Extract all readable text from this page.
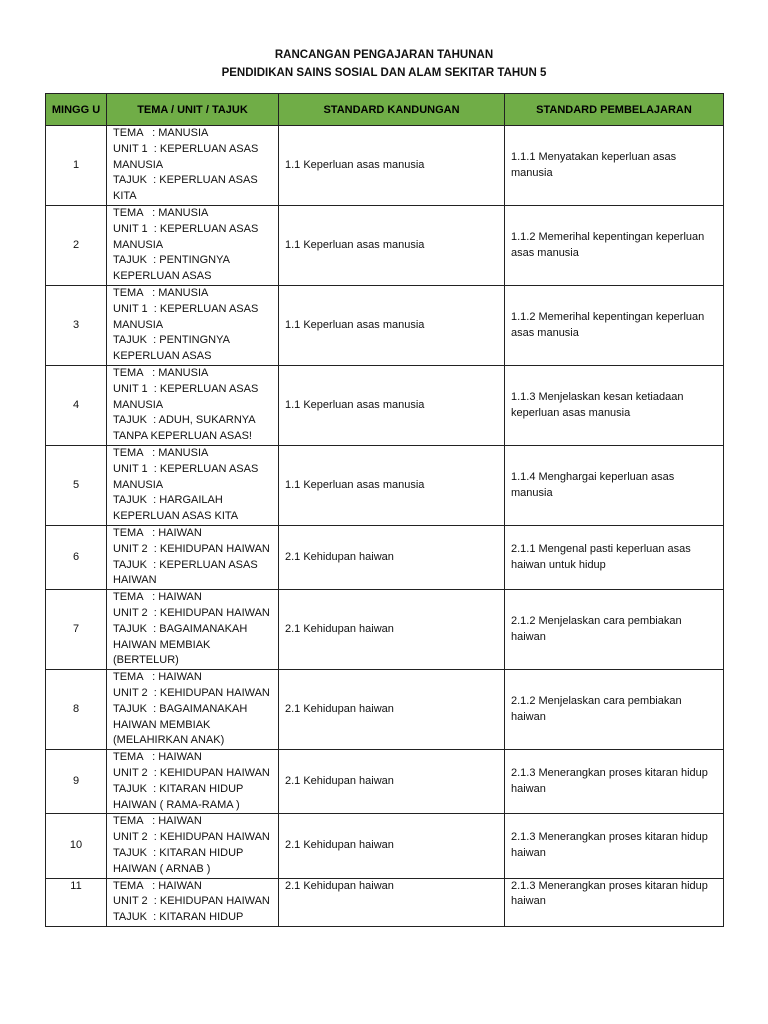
RANCANGAN PENGAJARAN TAHUNAN
PENDIDIKAN SAINS SOSIAL DAN ALAM SEKITAR TAHUN 5
MINGG U	TEMA / UNIT / TAJUK	STANDARD KANDUNGAN	STANDARD PEMBELAJARAN
1	TEMA   : MANUSIA
UNIT 1  : KEPERLUAN ASAS MANUSIA
TAJUK  : KEPERLUAN ASAS KITA	1.1 Keperluan asas manusia	1.1.1 Menyatakan keperluan asas manusia
2	TEMA   : MANUSIA
UNIT 1  : KEPERLUAN ASAS MANUSIA
TAJUK  : PENTINGNYA KEPERLUAN ASAS	1.1 Keperluan asas manusia	1.1.2 Memerihal kepentingan keperluan asas manusia
3	TEMA   : MANUSIA
UNIT 1  : KEPERLUAN ASAS MANUSIA
TAJUK  : PENTINGNYA KEPERLUAN ASAS	1.1 Keperluan asas manusia	1.1.2 Memerihal kepentingan keperluan asas manusia
4	TEMA   : MANUSIA
UNIT 1  : KEPERLUAN ASAS MANUSIA
TAJUK  : ADUH, SUKARNYA TANPA KEPERLUAN ASAS!	1.1 Keperluan asas manusia	1.1.3 Menjelaskan kesan ketiadaan keperluan asas manusia
5	TEMA   : MANUSIA
UNIT 1  : KEPERLUAN ASAS MANUSIA
TAJUK  : HARGAILAH KEPERLUAN ASAS KITA	1.1 Keperluan asas manusia	1.1.4 Menghargai keperluan asas manusia
6	TEMA   : HAIWAN
UNIT 2  : KEHIDUPAN HAIWAN
TAJUK  : KEPERLUAN ASAS HAIWAN	2.1 Kehidupan haiwan	2.1.1 Mengenal pasti keperluan asas haiwan untuk hidup
7	TEMA   : HAIWAN
UNIT 2  : KEHIDUPAN HAIWAN
TAJUK  : BAGAIMANAKAH HAIWAN MEMBIAK (BERTELUR)	2.1 Kehidupan haiwan	2.1.2 Menjelaskan cara pembiakan haiwan
8	TEMA   : HAIWAN
UNIT 2  : KEHIDUPAN HAIWAN
TAJUK  : BAGAIMANAKAH HAIWAN MEMBIAK (MELAHIRKAN ANAK)	2.1 Kehidupan haiwan	2.1.2 Menjelaskan cara pembiakan haiwan
9	TEMA   : HAIWAN
UNIT 2  : KEHIDUPAN HAIWAN
TAJUK  : KITARAN HIDUP HAIWAN ( RAMA-RAMA )	2.1 Kehidupan haiwan	2.1.3 Menerangkan proses kitaran hidup haiwan
10	TEMA   : HAIWAN
UNIT 2  : KEHIDUPAN HAIWAN
TAJUK  : KITARAN HIDUP HAIWAN ( ARNAB )	2.1 Kehidupan haiwan	2.1.3 Menerangkan proses kitaran hidup haiwan
11	TEMA   : HAIWAN
UNIT 2  : KEHIDUPAN HAIWAN
TAJUK  : KITARAN HIDUP	2.1 Kehidupan haiwan	2.1.3 Menerangkan proses kitaran hidup haiwan
